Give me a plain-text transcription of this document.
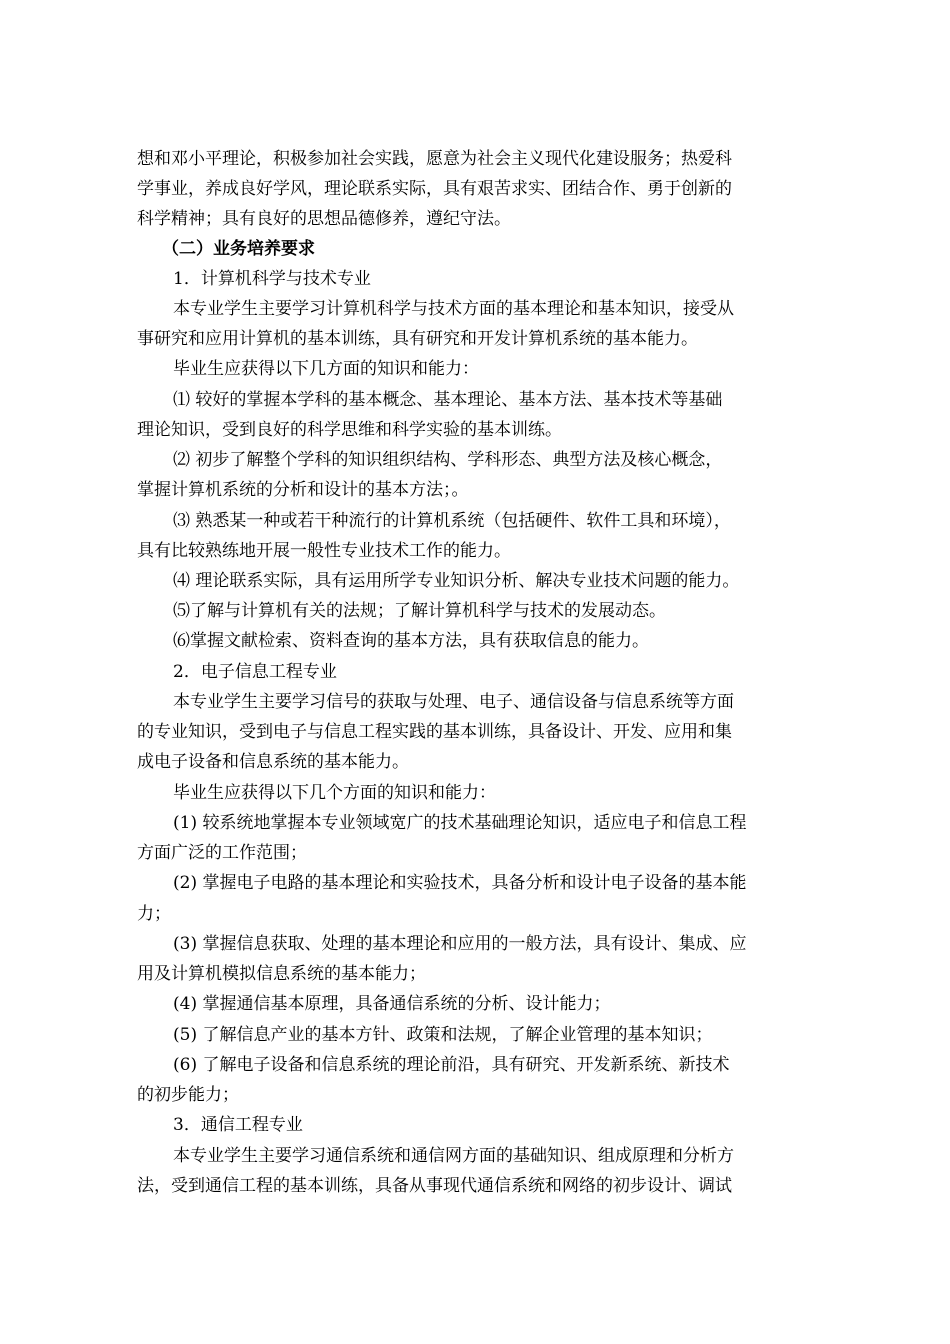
想和邓小平理论，积极参加社会实践，愿意为社会主义现代化建设服务；热爱科
学事业，养成良好学风，理论联系实际，具有艰苦求实、团结合作、勇于创新的
科学精神；具有良好的思想品德修养，遵纪守法。
（二）业务培养要求
1．计算机科学与技术专业
本专业学生主要学习计算机科学与技术方面的基本理论和基本知识，接受从
事研究和应用计算机的基本训练，具有研究和开发计算机系统的基本能力。
毕业生应获得以下几方面的知识和能力：
⑴ 较好的掌握本学科的基本概念、基本理论、基本方法、基本技术等基础
理论知识，受到良好的科学思维和科学实验的基本训练。
⑵ 初步了解整个学科的知识组织结构、学科形态、典型方法及核心概念，
掌握计算机系统的分析和设计的基本方法；。
⑶ 熟悉某一种或若干种流行的计算机系统（包括硬件、软件工具和环境），
具有比较熟练地开展一般性专业技术工作的能力。
⑷ 理论联系实际，具有运用所学专业知识分析、解决专业技术问题的能力。
⑸了解与计算机有关的法规；了解计算机科学与技术的发展动态。
⑹掌握文献检索、资料查询的基本方法，具有获取信息的能力。
2．电子信息工程专业
本专业学生主要学习信号的获取与处理、电子、通信设备与信息系统等方面
的专业知识，受到电子与信息工程实践的基本训练，具备设计、开发、应用和集
成电子设备和信息系统的基本能力。
毕业生应获得以下几个方面的知识和能力：
(1) 较系统地掌握本专业领域宽广的技术基础理论知识，适应电子和信息工程
方面广泛的工作范围；
(2) 掌握电子电路的基本理论和实验技术，具备分析和设计电子设备的基本能
力；
(3) 掌握信息获取、处理的基本理论和应用的一般方法，具有设计、集成、应
用及计算机模拟信息系统的基本能力；
(4) 掌握通信基本原理，具备通信系统的分析、设计能力；
(5) 了解信息产业的基本方针、政策和法规，了解企业管理的基本知识；
(6) 了解电子设备和信息系统的理论前沿，具有研究、开发新系统、新技术
的初步能力；
3．通信工程专业
本专业学生主要学习通信系统和通信网方面的基础知识、组成原理和分析方
法，受到通信工程的基本训练，具备从事现代通信系统和网络的初步设计、调试
